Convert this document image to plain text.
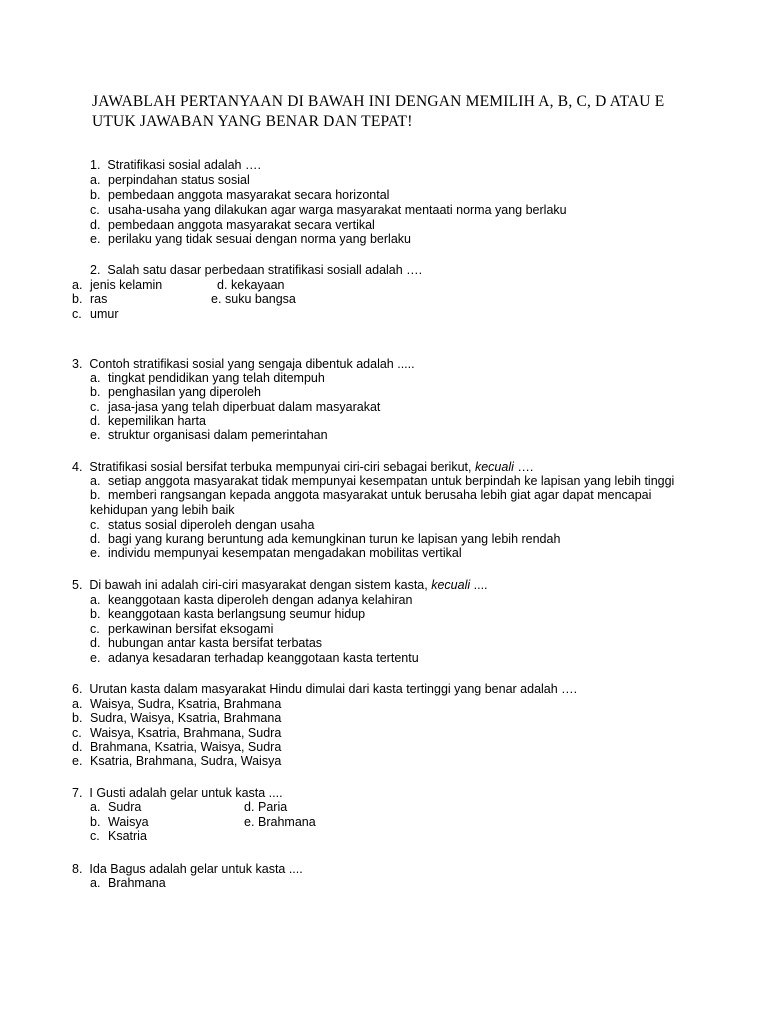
JAWABLAH PERTANYAAN DI BAWAH INI DENGAN MEMILIH A, B, C, D ATAU E
UTUK JAWABAN YANG BENAR DAN TEPAT!
1. Stratifikasi sosial adalah ….
a. perpindahan status sosial
b. pembedaan anggota masyarakat secara horizontal
c. usaha-usaha yang dilakukan agar warga masyarakat mentaati norma yang berlaku
d. pembedaan anggota masyarakat secara vertikal
e. perilaku yang tidak sesuai dengan norma yang berlaku
2. Salah satu dasar perbedaan stratifikasi sosiall adalah ….
a. jenis kelamin
b. ras
c. umur
d. kekayaan
e. suku bangsa
3. Contoh stratifikasi sosial yang sengaja dibentuk adalah .....
a. tingkat pendidikan yang telah ditempuh
b. penghasilan yang diperoleh
c. jasa-jasa yang telah diperbuat dalam masyarakat
d. kepemilikan harta
e. struktur organisasi dalam pemerintahan
4. Stratifikasi sosial bersifat terbuka mempunyai ciri-ciri sebagai berikut, kecuali ….
a. setiap anggota masyarakat tidak mempunyai kesempatan untuk berpindah ke lapisan yang lebih tinggi
b. memberi rangsangan kepada anggota masyarakat untuk berusaha lebih giat agar dapat mencapai
kehidupan yang lebih baik
c. status sosial diperoleh dengan usaha
d. bagi yang kurang beruntung ada kemungkinan turun ke lapisan yang lebih rendah
e. individu mempunyai kesempatan mengadakan mobilitas vertikal
5. Di bawah ini adalah ciri-ciri masyarakat dengan sistem kasta, kecuali ....
a. keanggotaan kasta diperoleh dengan adanya kelahiran
b. keanggotaan kasta berlangsung seumur hidup
c. perkawinan bersifat eksogami
d. hubungan antar kasta bersifat terbatas
e. adanya kesadaran terhadap keanggotaan kasta tertentu
6. Urutan kasta dalam masyarakat Hindu dimulai dari kasta tertinggi yang benar adalah ….
a. Waisya, Sudra, Ksatria, Brahmana
b. Sudra, Waisya, Ksatria, Brahmana
c. Waisya, Ksatria, Brahmana, Sudra
d. Brahmana, Ksatria, Waisya, Sudra
e. Ksatria, Brahmana, Sudra, Waisya
7. I Gusti adalah gelar untuk kasta ....
a. Sudra
b. Waisya
c. Ksatria
d. Paria
e. Brahmana
8. Ida Bagus adalah gelar untuk kasta ....
a. Brahmana
